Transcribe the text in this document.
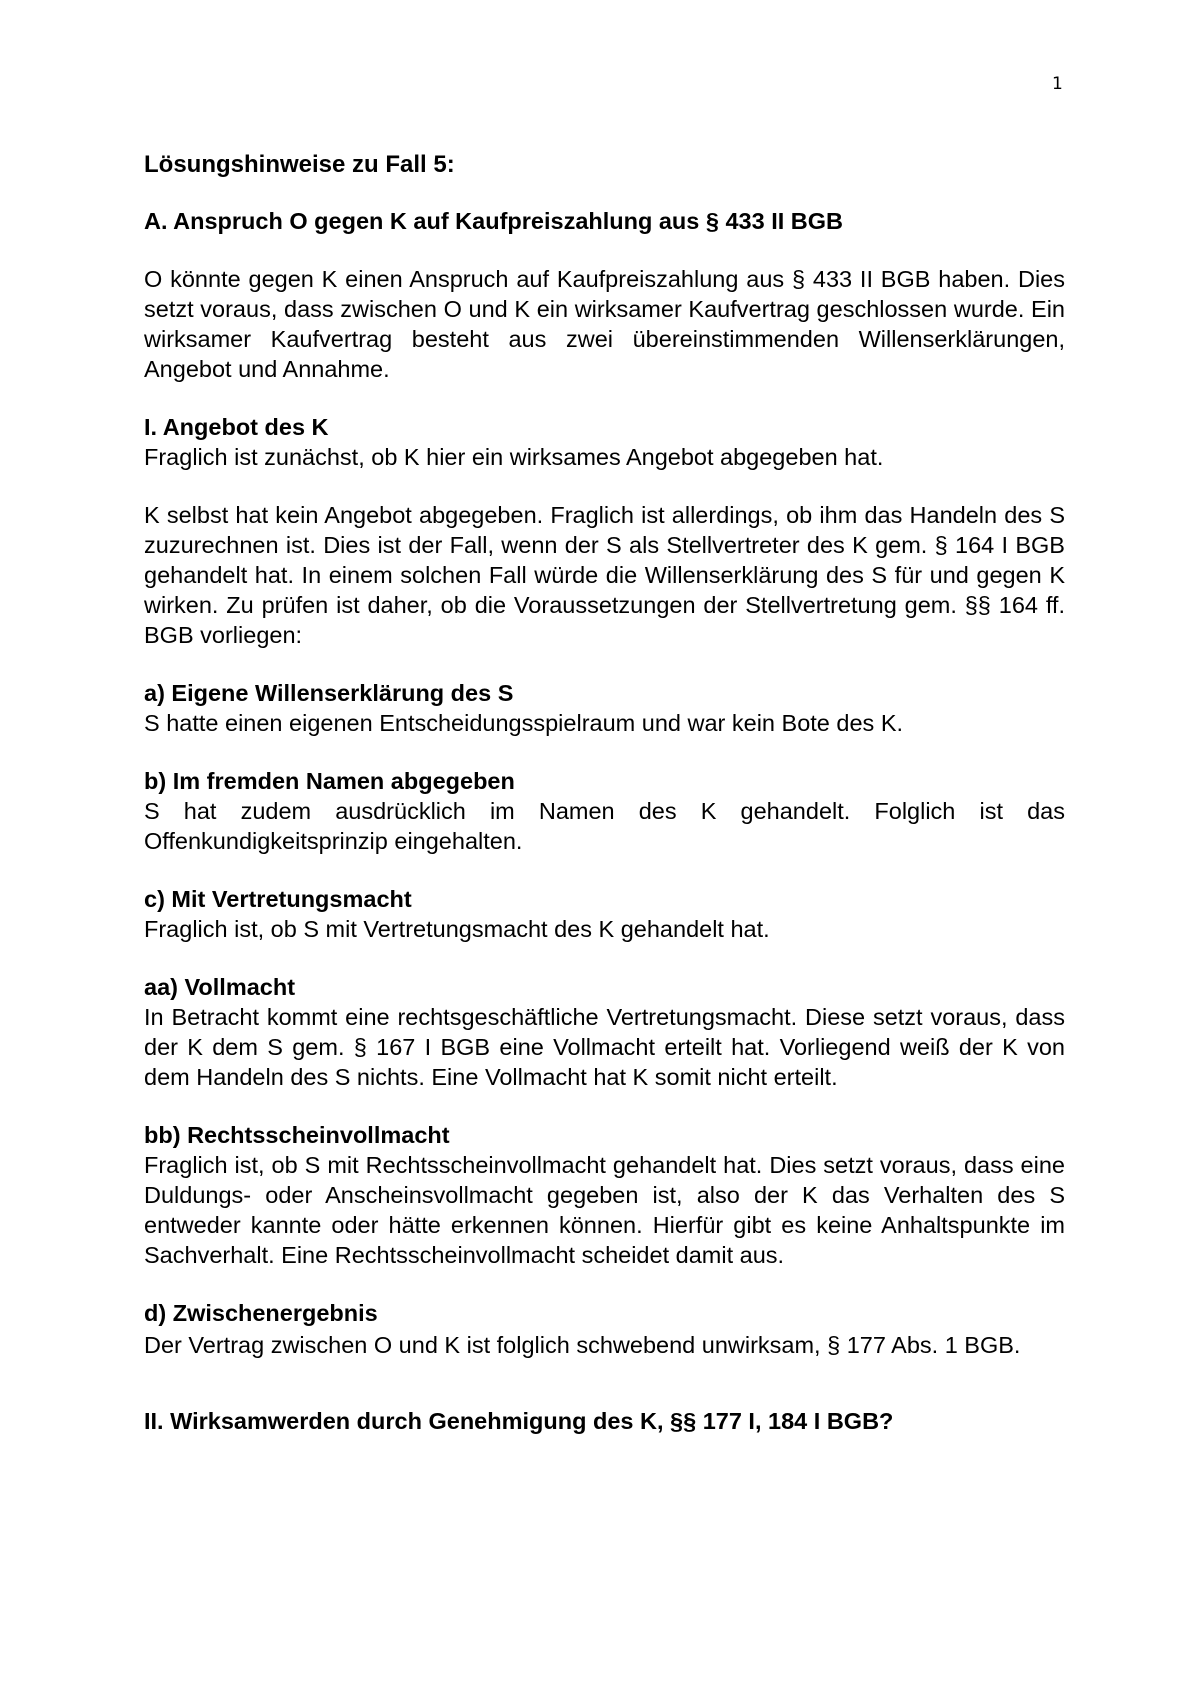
1

Lösungshinweise zu Fall 5:

A. Anspruch O gegen K auf Kaufpreiszahlung aus § 433 II BGB

O könnte gegen K einen Anspruch auf Kaufpreiszahlung aus § 433 II BGB haben. Dies setzt voraus, dass zwischen O und K ein wirksamer Kaufvertrag geschlossen wurde. Ein wirksamer Kaufvertrag besteht aus zwei übereinstimmenden Willenserklärungen, Angebot und Annahme.

I. Angebot des K

Fraglich ist zunächst, ob K hier ein wirksames Angebot abgegeben hat.

K selbst hat kein Angebot abgegeben. Fraglich ist allerdings, ob ihm das Handeln des S zuzurechnen ist. Dies ist der Fall, wenn der S als Stellvertreter des K gem. § 164 I BGB gehandelt hat. In einem solchen Fall würde die Willenserklärung des S für und gegen K wirken. Zu prüfen ist daher, ob die Voraussetzungen der Stellvertretung gem. §§ 164 ff. BGB vorliegen:

a) Eigene Willenserklärung des S

S hatte einen eigenen Entscheidungsspielraum und war kein Bote des K.

b) Im fremden Namen abgegeben

S hat zudem ausdrücklich im Namen des K gehandelt. Folglich ist das Offenkundigkeitsprinzip eingehalten.

c) Mit Vertretungsmacht

Fraglich ist, ob S mit Vertretungsmacht des K gehandelt hat.

aa) Vollmacht

In Betracht kommt eine rechtsgeschäftliche Vertretungsmacht. Diese setzt voraus, dass der K dem S gem. § 167 I BGB eine Vollmacht erteilt hat. Vorliegend weiß der K von dem Handeln des S nichts. Eine Vollmacht hat K somit nicht erteilt.

bb) Rechtsscheinvollmacht

Fraglich ist, ob S mit Rechtsscheinvollmacht gehandelt hat. Dies setzt voraus, dass eine Duldungs- oder Anscheinsvollmacht gegeben ist, also der K das Verhalten des S entweder kannte oder hätte erkennen können. Hierfür gibt es keine Anhaltspunkte im Sachverhalt. Eine Rechtsscheinvollmacht scheidet damit aus.

d) Zwischenergebnis

Der Vertrag zwischen O und K ist folglich schwebend unwirksam, § 177 Abs. 1 BGB.

II. Wirksamwerden durch Genehmigung des K, §§ 177 I, 184 I BGB?
